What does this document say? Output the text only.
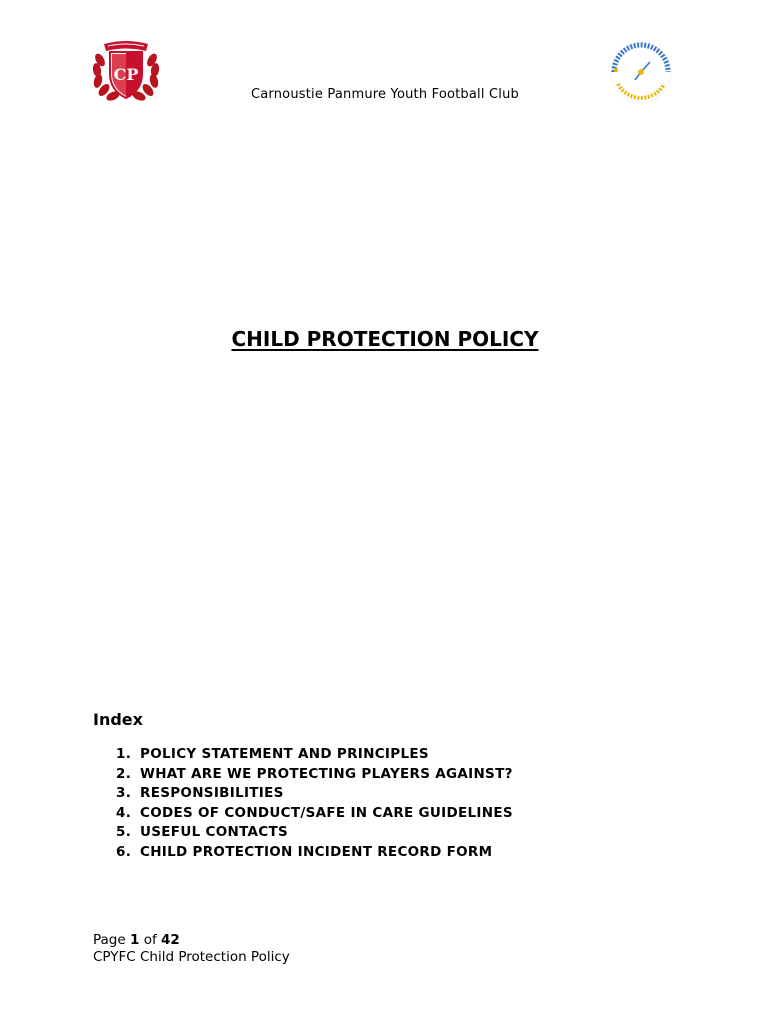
CP
Carnoustie Panmure Youth Football Club
CHILD PROTECTION POLICY
Index
1. POLICY STATEMENT AND PRINCIPLES
2. WHAT ARE WE PROTECTING PLAYERS AGAINST?
3. RESPONSIBILITIES
4. CODES OF CONDUCT/SAFE IN CARE GUIDELINES
5. USEFUL CONTACTS
6. CHILD PROTECTION INCIDENT RECORD FORM
Page 1 of 42
CPYFC Child Protection Policy
